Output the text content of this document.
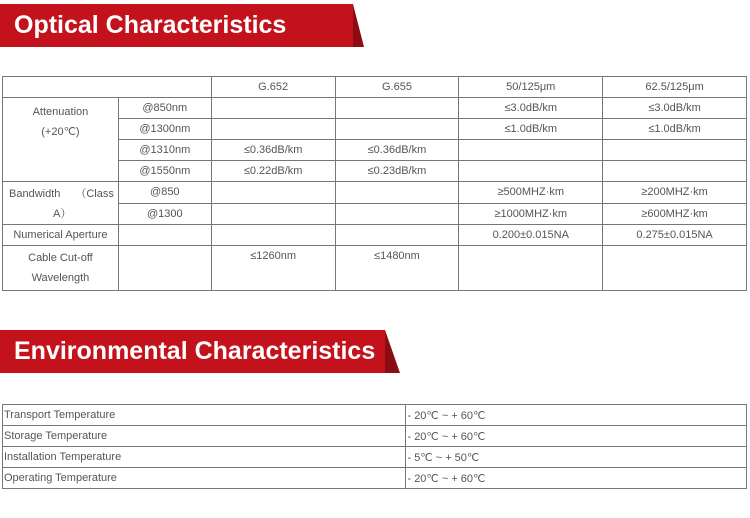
Optical Characteristics
		G.652	G.655	50/125μm	62.5/125μm

Attenuation
(+20℃)	@850nm			≤3.0dB/km	≤3.0dB/km
	@1300nm			≤1.0dB/km	≤1.0dB/km
	@1310nm	≤0.36dB/km	≤0.36dB/km		
	@1550nm	≤0.22dB/km	≤0.23dB/km		

Bandwidth （Class
A）	@850			≥500MHZ·km	≥200MHZ·km
	@1300			≥1000MHZ·km	≥600MHZ·km
Numerical Aperture				0.200±0.015NA	0.275±0.015NA

Cable Cut-off
Wavelength		≤1260nm	≤1480nm		
Environmental Characteristics
Transport Temperature	- 20℃ ~ + 60℃
Storage Temperature	- 20℃ ~ + 60℃
Installation Temperature	- 5℃ ~ + 50℃
Operating Temperature	- 20℃ ~ + 60℃
